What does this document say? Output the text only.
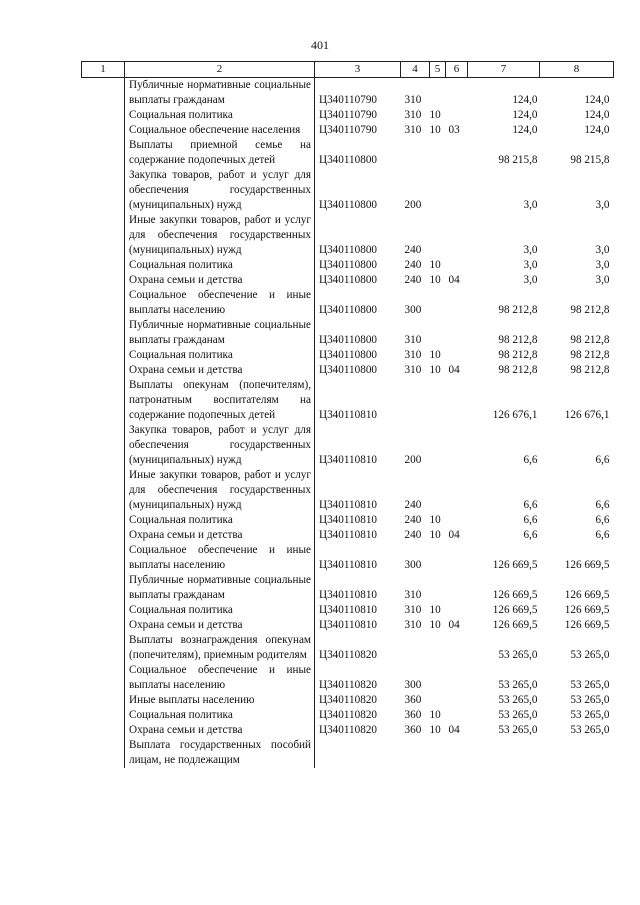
401
1	2	3	4	5	6	7	8
	Публичные нормативные социальные выплаты гражданам	Ц340110790	310			124,0	124,0
	Социальная политика	Ц340110790	310	10		124,0	124,0
	Социальное обеспечение населения	Ц340110790	310	10	03	124,0	124,0
	Выплаты приемной семье на содержание подопечных детей	Ц340110800				98 215,8	98 215,8
	Закупка товаров, работ и услуг для обеспечения государственных (муниципальных) нужд	Ц340110800	200			3,0	3,0
	Иные закупки товаров, работ и услуг для обеспечения государственных (муниципальных) нужд	Ц340110800	240			3,0	3,0
	Социальная политика	Ц340110800	240	10		3,0	3,0
	Охрана семьи и детства	Ц340110800	240	10	04	3,0	3,0
	Социальное обеспечение и иные выплаты населению	Ц340110800	300			98 212,8	98 212,8
	Публичные нормативные социальные выплаты гражданам	Ц340110800	310			98 212,8	98 212,8
	Социальная политика	Ц340110800	310	10		98 212,8	98 212,8
	Охрана семьи и детства	Ц340110800	310	10	04	98 212,8	98 212,8
	Выплаты опекунам (попечителям), патронатным воспитателям на содержание подопечных детей	Ц340110810				126 676,1	126 676,1
	Закупка товаров, работ и услуг для обеспечения государственных (муниципальных) нужд	Ц340110810	200			6,6	6,6
	Иные закупки товаров, работ и услуг для обеспечения государственных (муниципальных) нужд	Ц340110810	240			6,6	6,6
	Социальная политика	Ц340110810	240	10		6,6	6,6
	Охрана семьи и детства	Ц340110810	240	10	04	6,6	6,6
	Социальное обеспечение и иные выплаты населению	Ц340110810	300			126 669,5	126 669,5
	Публичные нормативные социальные выплаты гражданам	Ц340110810	310			126 669,5	126 669,5
	Социальная политика	Ц340110810	310	10		126 669,5	126 669,5
	Охрана семьи и детства	Ц340110810	310	10	04	126 669,5	126 669,5
	Выплаты вознаграждения опекунам (попечителям), приемным родителям	Ц340110820				53 265,0	53 265,0
	Социальное обеспечение и иные выплаты населению	Ц340110820	300			53 265,0	53 265,0
	Иные выплаты населению	Ц340110820	360			53 265,0	53 265,0
	Социальная политика	Ц340110820	360	10		53 265,0	53 265,0
	Охрана семьи и детства	Ц340110820	360	10	04	53 265,0	53 265,0
	Выплата государственных пособий лицам, не подлежащим						
